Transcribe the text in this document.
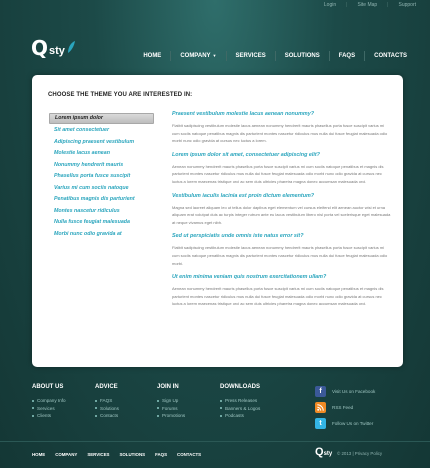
Login | Site Map | Support
Q sty	HOME	COMPANY ▼	SERVICES	SOLUTIONS	FAQS	CONTACTS
CHOOSE THE THEME YOU ARE INTERESTED IN:
Lorem ipsum dolor
Sit amet consectetuer
Adipiscing praesent vestibulum
Molestie lacus aenean
Nonummy hendrerit mauris
Phasellus porta fusce suscipit
Varius mi cum sociis natoque
Penatibus magnis dis parturient
Montes nascetur ridiculus
Nulla fusce feugiat malesuada
Morbi nunc odio gravida at
Praesent vestibulum molestie lacus aenean nonummy?

Fiatbit sadipiscing vestibulum molestie lacus aenean nonummy hendrerit mauris phasellus porta fusce suscipit varius mi cum sociis natoque penatibus magnis dis parturient montes nascetur ridiculus mus nulla dui fusce feugiat malesuada odio morbi nunc odio gravida at cursus nec luctus a lorem.

Lorem ipsum dolor sit amet, consectetuer adipiscing elit?

Aenean nonummy hendrerit mauris phasellus porta fusce suscipit varius mi cum sociis natoque penatibus et magnis dis parturient montes nascetur ridiculus mus nulla dui fusce feugiat malesuada odio morbi nunc odio gravida at cursus nec luctus a lorem maecenas tristique orci ac sem duis ultricies pharetra magna donec accumsan malesuada orci.

Vestibulum iaculis lacinia est proin dictum elementum?

Magna sed laoreet aliquam leo ut tellus dolor dapibus eget elementum vel cursus eleifend elit aenean auctor wisi et urna aliquam erat volutpat duis ac turpis integer rutrum ante eu lacus vestibulum libero nisl porta vel scelerisque eget malesuada at neque vivamus eget nibh.

Sed ut perspiciatis unde omnis iste natus error sit?

Fiatbit sadipiscing vestibulum molestie lacus aenean nonummy hendrerit mauris phasellus porta fusce suscipit varius mi cum sociis natoque penatibus magnis dis parturient montes nascetur ridiculus mus nulla dui fusce feugiat malesuada odio morbi.

Ut enim minima veniam quis nostrum exercitationem ullam?

Aenean nonummy hendrerit mauris phasellus porta fusce suscipit varius mi cum sociis natoque penatibus et magnis dis parturient montes nascetur ridiculus mus nulla dui fusce feugiat malesuada odio morbi nunc odio gravida at cursus nec luctus a lorem maecenas tristique orci ac sem duis ultricies pharetra magna donec accumsan malesuada orci.

ABOUT US
Company Info
Services
Clients
ADVICE
FAQS
Solutions
Contacts
JOIN IN
Sign Up
Forums
Promotions
DOWNLOADS
Press Releases
Banners & Logos
Podcasts
f	Visit Us on Facebook
RSS Feed
t	Follow Us on Twitter
HOME COMPANY SERVICES SOLUTIONS FAQS CONTACTS	Q sty © 2013 | Privacy Policy
